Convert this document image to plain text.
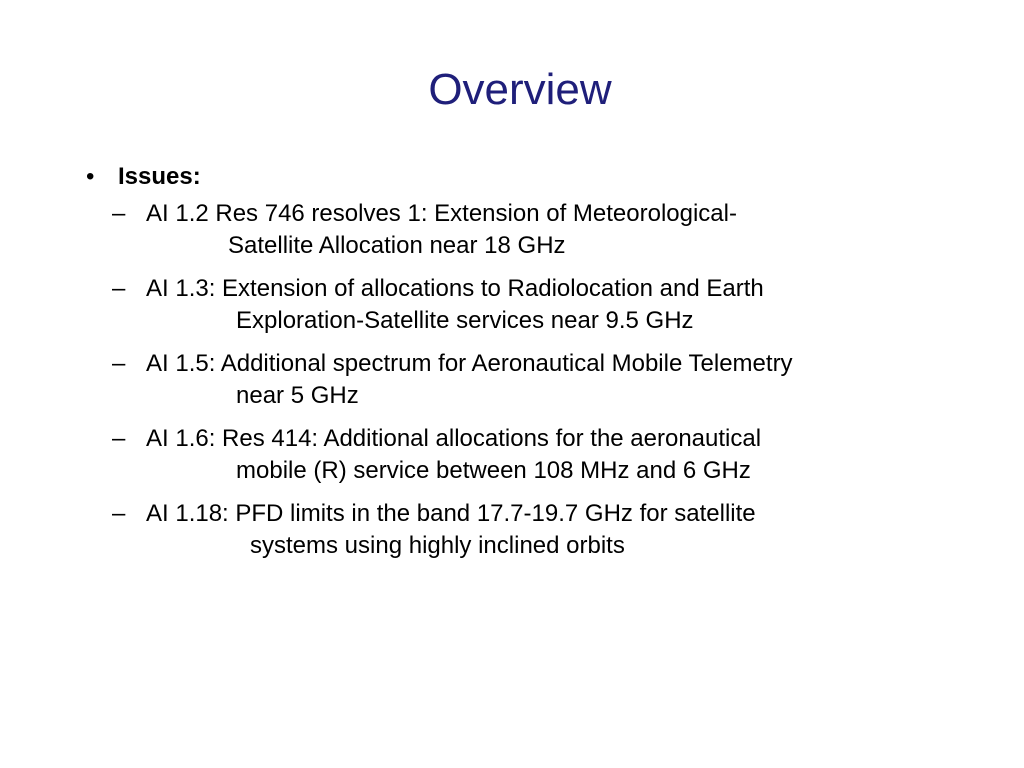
Overview
• Issues:
– AI 1.2 Res 746 resolves 1: Extension of Meteorological-
Satellite Allocation near 18 GHz
– AI 1.3: Extension of allocations to Radiolocation and Earth
Exploration-Satellite services near 9.5 GHz
– AI 1.5: Additional spectrum for Aeronautical Mobile Telemetry
near 5 GHz
– AI 1.6: Res 414: Additional allocations for the aeronautical
mobile (R) service between 108 MHz and 6 GHz
– AI 1.18: PFD limits in the band 17.7-19.7 GHz for satellite
systems using highly inclined orbits
